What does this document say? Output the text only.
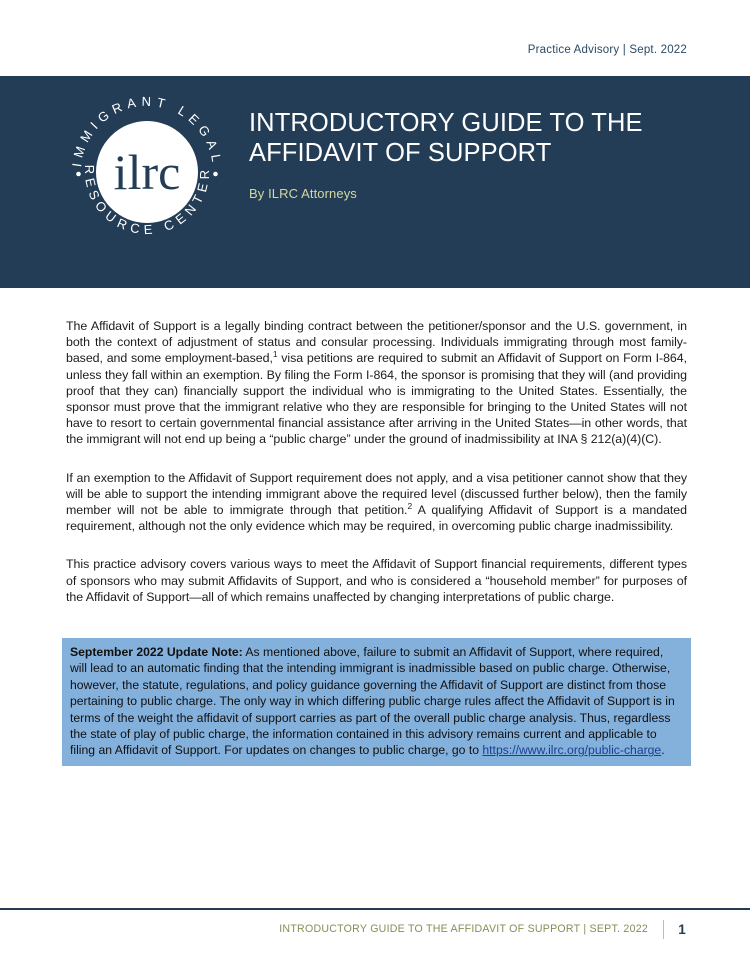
Practice Advisory | Sept. 2022
IMMIGRANT LEGAL
RESOURCE CENTER
ilrc
INTRODUCTORY GUIDE TO THE
AFFIDAVIT OF SUPPORT
By ILRC Attorneys

The Affidavit of Support is a legally binding contract between the petitioner/sponsor and the U.S. government, in both the context of adjustment of status and consular processing. Individuals immigrating through most family-based, and some employment-based,$^1$ visa petitions are required to submit an Affidavit of Support on Form I-864, unless they fall within an exemption. By filing the Form I-864, the sponsor is promising that they will (and providing proof that they can) financially support the individual who is immigrating to the United States. Essentially, the sponsor must prove that the immigrant relative who they are responsible for bringing to the United States will not have to resort to certain governmental financial assistance after arriving in the United States—in other words, that the immigrant will not end up being a “public charge” under the ground of inadmissibility at INA § 212(a)(4)(C).

If an exemption to the Affidavit of Support requirement does not apply, and a visa petitioner cannot show that they will be able to support the intending immigrant above the required level (discussed further below), then the family member will not be able to immigrate through that petition.$^2$ A qualifying Affidavit of Support is a mandated requirement, although not the only evidence which may be required, in overcoming public charge inadmissibility.

This practice advisory covers various ways to meet the Affidavit of Support financial requirements, different types of sponsors who may submit Affidavits of Support, and who is considered a “household member” for purposes of the Affidavit of Support—all of which remains unaffected by changing interpretations of public charge.

September 2022 Update Note: As mentioned above, failure to submit an Affidavit of Support, where required, will lead to an automatic finding that the intending immigrant is inadmissible based on public charge. Otherwise, however, the statute, regulations, and policy guidance governing the Affidavit of Support are distinct from those pertaining to public charge. The only way in which differing public charge rules affect the Affidavit of Support is in terms of the weight the affidavit of support carries as part of the overall public charge analysis. Thus, regardless the state of play of public charge, the information contained in this advisory remains current and applicable to filing an Affidavit of Support. For updates on changes to public charge, go to https://www.ilrc.org/public-charge.
INTRODUCTORY GUIDE TO THE AFFIDAVIT OF SUPPORT | SEPT. 2022 1
